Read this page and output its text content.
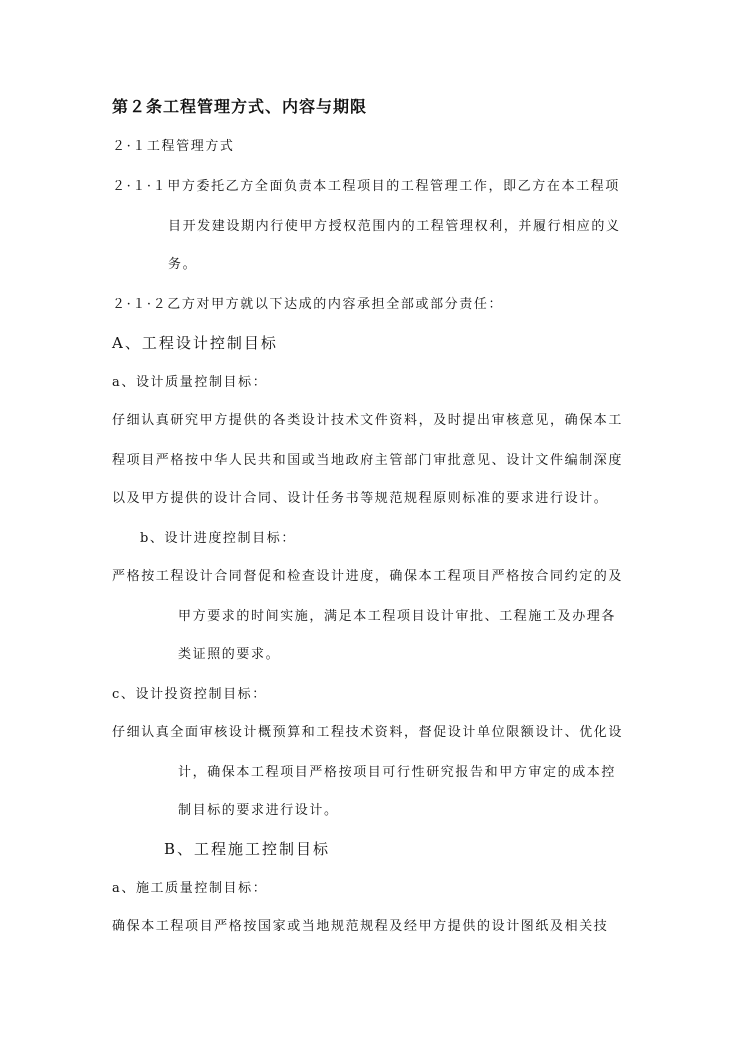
第２条工程管理方式、内容与期限
２·１工程管理方式
２·１·１甲方委托乙方全面负责本工程项目的工程管理工作，即乙方在本工程项
目开发建设期内行使甲方授权范围内的工程管理权利，并履行相应的义
务。
２·１·２乙方对甲方就以下达成的内容承担全部或部分责任：
A、工程设计控制目标
a、设计质量控制目标：
仔细认真研究甲方提供的各类设计技术文件资料，及时提出审核意见，确保本工
程项目严格按中华人民共和国或当地政府主管部门审批意见、设计文件编制深度
以及甲方提供的设计合同、设计任务书等规范规程原则标准的要求进行设计。
b、设计进度控制目标：
严格按工程设计合同督促和检查设计进度，确保本工程项目严格按合同约定的及
甲方要求的时间实施，满足本工程项目设计审批、工程施工及办理各
类证照的要求。
c、设计投资控制目标：
仔细认真全面审核设计概预算和工程技术资料，督促设计单位限额设计、优化设
计，确保本工程项目严格按项目可行性研究报告和甲方审定的成本控
制目标的要求进行设计。
B、工程施工控制目标
a、施工质量控制目标：
确保本工程项目严格按国家或当地规范规程及经甲方提供的设计图纸及相关技
